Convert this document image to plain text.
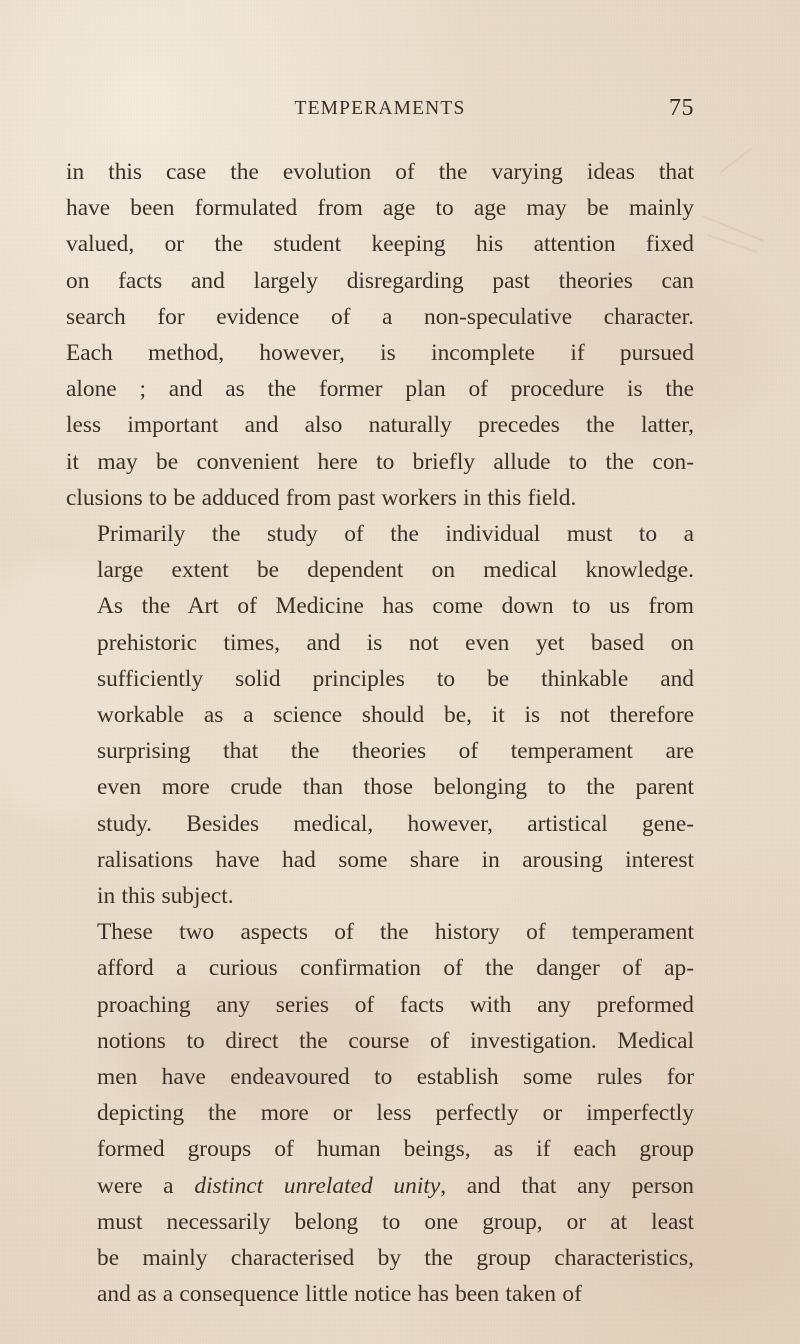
TEMPERAMENTS	75

in this case the evolution of the varying ideas that
have been formulated from age to age may be mainly
valued, or the student keeping his attention fixed
on facts and largely disregarding past theories can
search for evidence of a non-speculative character.
Each method, however, is incomplete if pursued
alone ; and as the former plan of procedure is the
less important and also naturally precedes the latter,
it may be convenient here to briefly allude to the con-
clusions to be adduced from past workers in this field.

Primarily the study of the individual must to a
large extent be dependent on medical knowledge.
As the Art of Medicine has come down to us from
prehistoric times, and is not even yet based on
sufficiently solid principles to be thinkable and
workable as a science should be, it is not therefore
surprising that the theories of temperament are
even more crude than those belonging to the parent
study. Besides medical, however, artistical gene-
ralisations have had some share in arousing interest
in this subject.

These two aspects of the history of temperament
afford a curious confirmation of the danger of ap-
proaching any series of facts with any preformed
notions to direct the course of investigation. Medical
men have endeavoured to establish some rules for
depicting the more or less perfectly or imperfectly
formed groups of human beings, as if each group
were a distinct unrelated unity, and that any person
must necessarily belong to one group, or at least
be mainly characterised by the group characteristics,
and as a consequence little notice has been taken of
